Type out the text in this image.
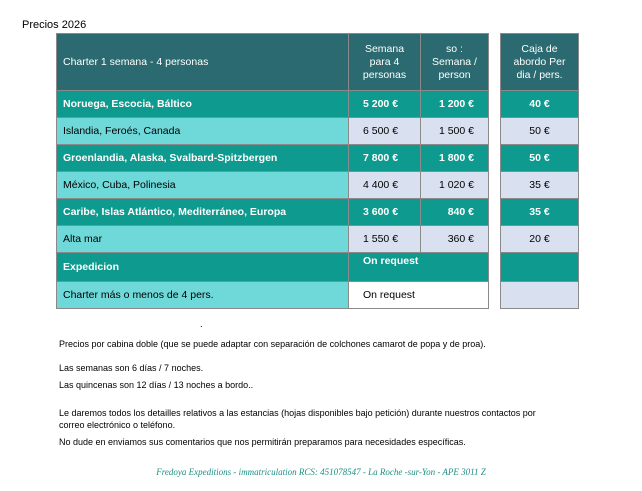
Precios 2026
Charter 1 semana - 4 personas	Semana para 4 personas	so : Semana / person		Caja de abordo Per dia / pers.
Noruega, Escocia, Báltico	5 200 €	1 200 €		40 €
Islandia, Feroés, Canada	6 500 €	1 500 €		50 €
Groenlandia, Alaska, Svalbard-Spitzbergen	7 800 €	1 800 €		50 €
México, Cuba, Polinesia	4 400 €	1 020 €		35 €
Caribe, Islas Atlántico, Mediterráneo, Europa	3 600 €	840 €		35 €
Alta mar	1 550 €	360 €		20 €
Expedicion	On request			
Charter más o menos de 4 pers.	On request			
.
Precios por cabina doble (que se puede adaptar con separación de colchones camarot de popa y de proa).
Las semanas son 6 días / 7 noches.
Las quincenas son 12 días / 13 noches a bordo..
Le daremos todos los detailles relativos a las estancias (hojas disponibles bajo petición) durante nuestros contactos por
correo electrónico o teléfono.
No dude en enviamos sus comentarios que nos permitirán preparamos para necesidades específicas.
Fredoya Expeditions - immatriculation RCS: 451078547 - La Roche -sur-Yon - APE 3011 Z
